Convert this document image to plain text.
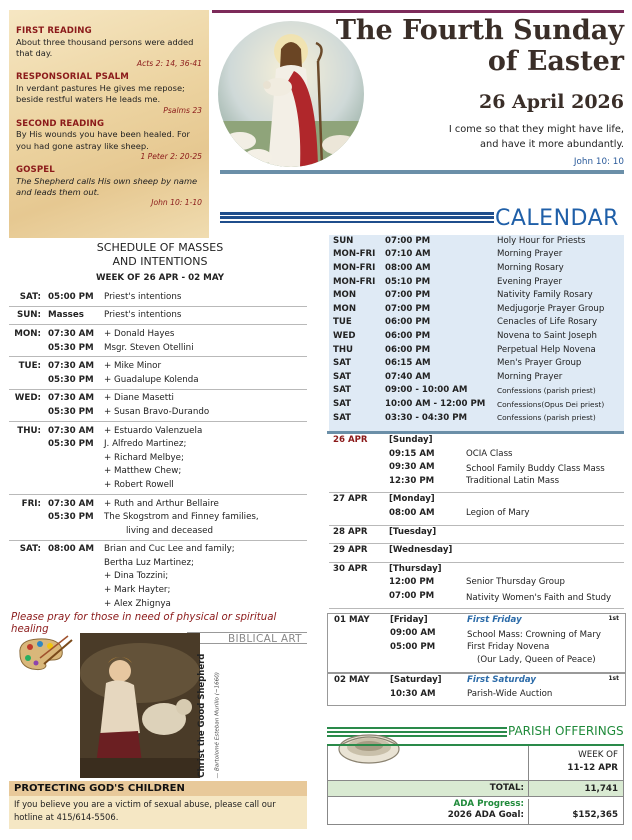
FIRST READING
About three thousand persons were added that day.
Acts 2: 14, 36-41
RESPONSORIAL PSALM
In verdant pastures He gives me repose; beside restful waters He leads me.
Psalms 23
SECOND READING
By His wounds you have been healed. For you had gone astray like sheep.
1 Peter 2: 20-25
GOSPEL
The Shepherd calls His own sheep by name and leads them out.
John 10: 1-10
The Fourth Sunday
of Easter
26 April 2026
I come so that they might have life,
and have it more abundantly.
John 10: 10
CALENDAR
SCHEDULE OF MASSES
AND INTENTIONS
WEEK OF 26 APR - 02 MAY
SAT: 05:00 PM	Priest's intentions
SUN: Masses	Priest's intentions
MON: 07:30 AM	+ Donald Hayes
05:30 PM	Msgr. Steven Otellini
TUE: 07:30 AM	+ Mike Minor
05:30 PM	+ Guadalupe Kolenda
WED: 07:30 AM	+ Diane Masetti
05:30 PM	+ Susan Bravo-Durando
THU: 07:30 AM	+ Estuardo Valenzuela
05:30 PM	J. Alfredo Martinez;
+ Richard Melbye;
+ Matthew Chew;
+ Robert Rowell
FRI: 07:30 AM	+ Ruth and Arthur Bellaire
05:30 PM	The Skogstrom and Finney families,
living and deceased
SAT: 08:00 AM	Brian and Cuc Lee and family;
Bertha Luz Martinez;
+ Dina Tozzini;
+ Mark Hayter;
+ Alex Zhignya
Please pray for those in need of physical or spiritual healing
BIBLICAL ART
Christ the Good Shepherd — Bartolomé Esteban Murillo (~1660)
PROTECTING GOD'S CHILDREN
If you believe you are a victim of sexual abuse, please call our
hotline at 415/614-5506.
SUN	07:00 PM	Holy Hour for Priests
MON-FRI	07:10 AM	Morning Prayer
MON-FRI	08:00 AM	Morning Rosary
MON-FRI	05:10 PM	Evening Prayer
MON	07:00 PM	Nativity Family Rosary
MON	07:00 PM	Medjugorje Prayer Group
TUE	06:00 PM	Cenacles of Life Rosary
WED	06:00 PM	Novena to Saint Joseph
THU	06:00 PM	Perpetual Help Novena
SAT	06:15 AM	Men's Prayer Group
SAT	07:40 AM	Morning Prayer
SAT	09:00 - 10:00 AM	Confessions (parish priest)
SAT	10:00 AM - 12:00 PM	Confessions(Opus Dei priest)
SAT	03:30 - 04:30 PM	Confessions (parish priest)
26 APR	[Sunday]
09:15 AM	OCIA Class
09:30 AM	School Family Buddy Class Mass
12:30 PM	Traditional Latin Mass
27 APR	[Monday]
08:00 AM	Legion of Mary
28 APR	[Tuesday]
29 APR	[Wednesday]
30 APR	[Thursday]
12:00 PM	Senior Thursday Group
07:00 PM	Nativity Women's Faith and Study
01 MAY	[Friday]	First Friday	1st
09:00 AM	School Mass: Crowning of Mary
05:00 PM	First Friday Novena
(Our Lady, Queen of Peace)
02 MAY	[Saturday]	First Saturday	1st
10:30 AM	Parish-Wide Auction
PARISH OFFERINGS
WEEK OF
11-12 APR
TOTAL:	11,741
ADA Progress:
2026 ADA Goal:	$152,365
